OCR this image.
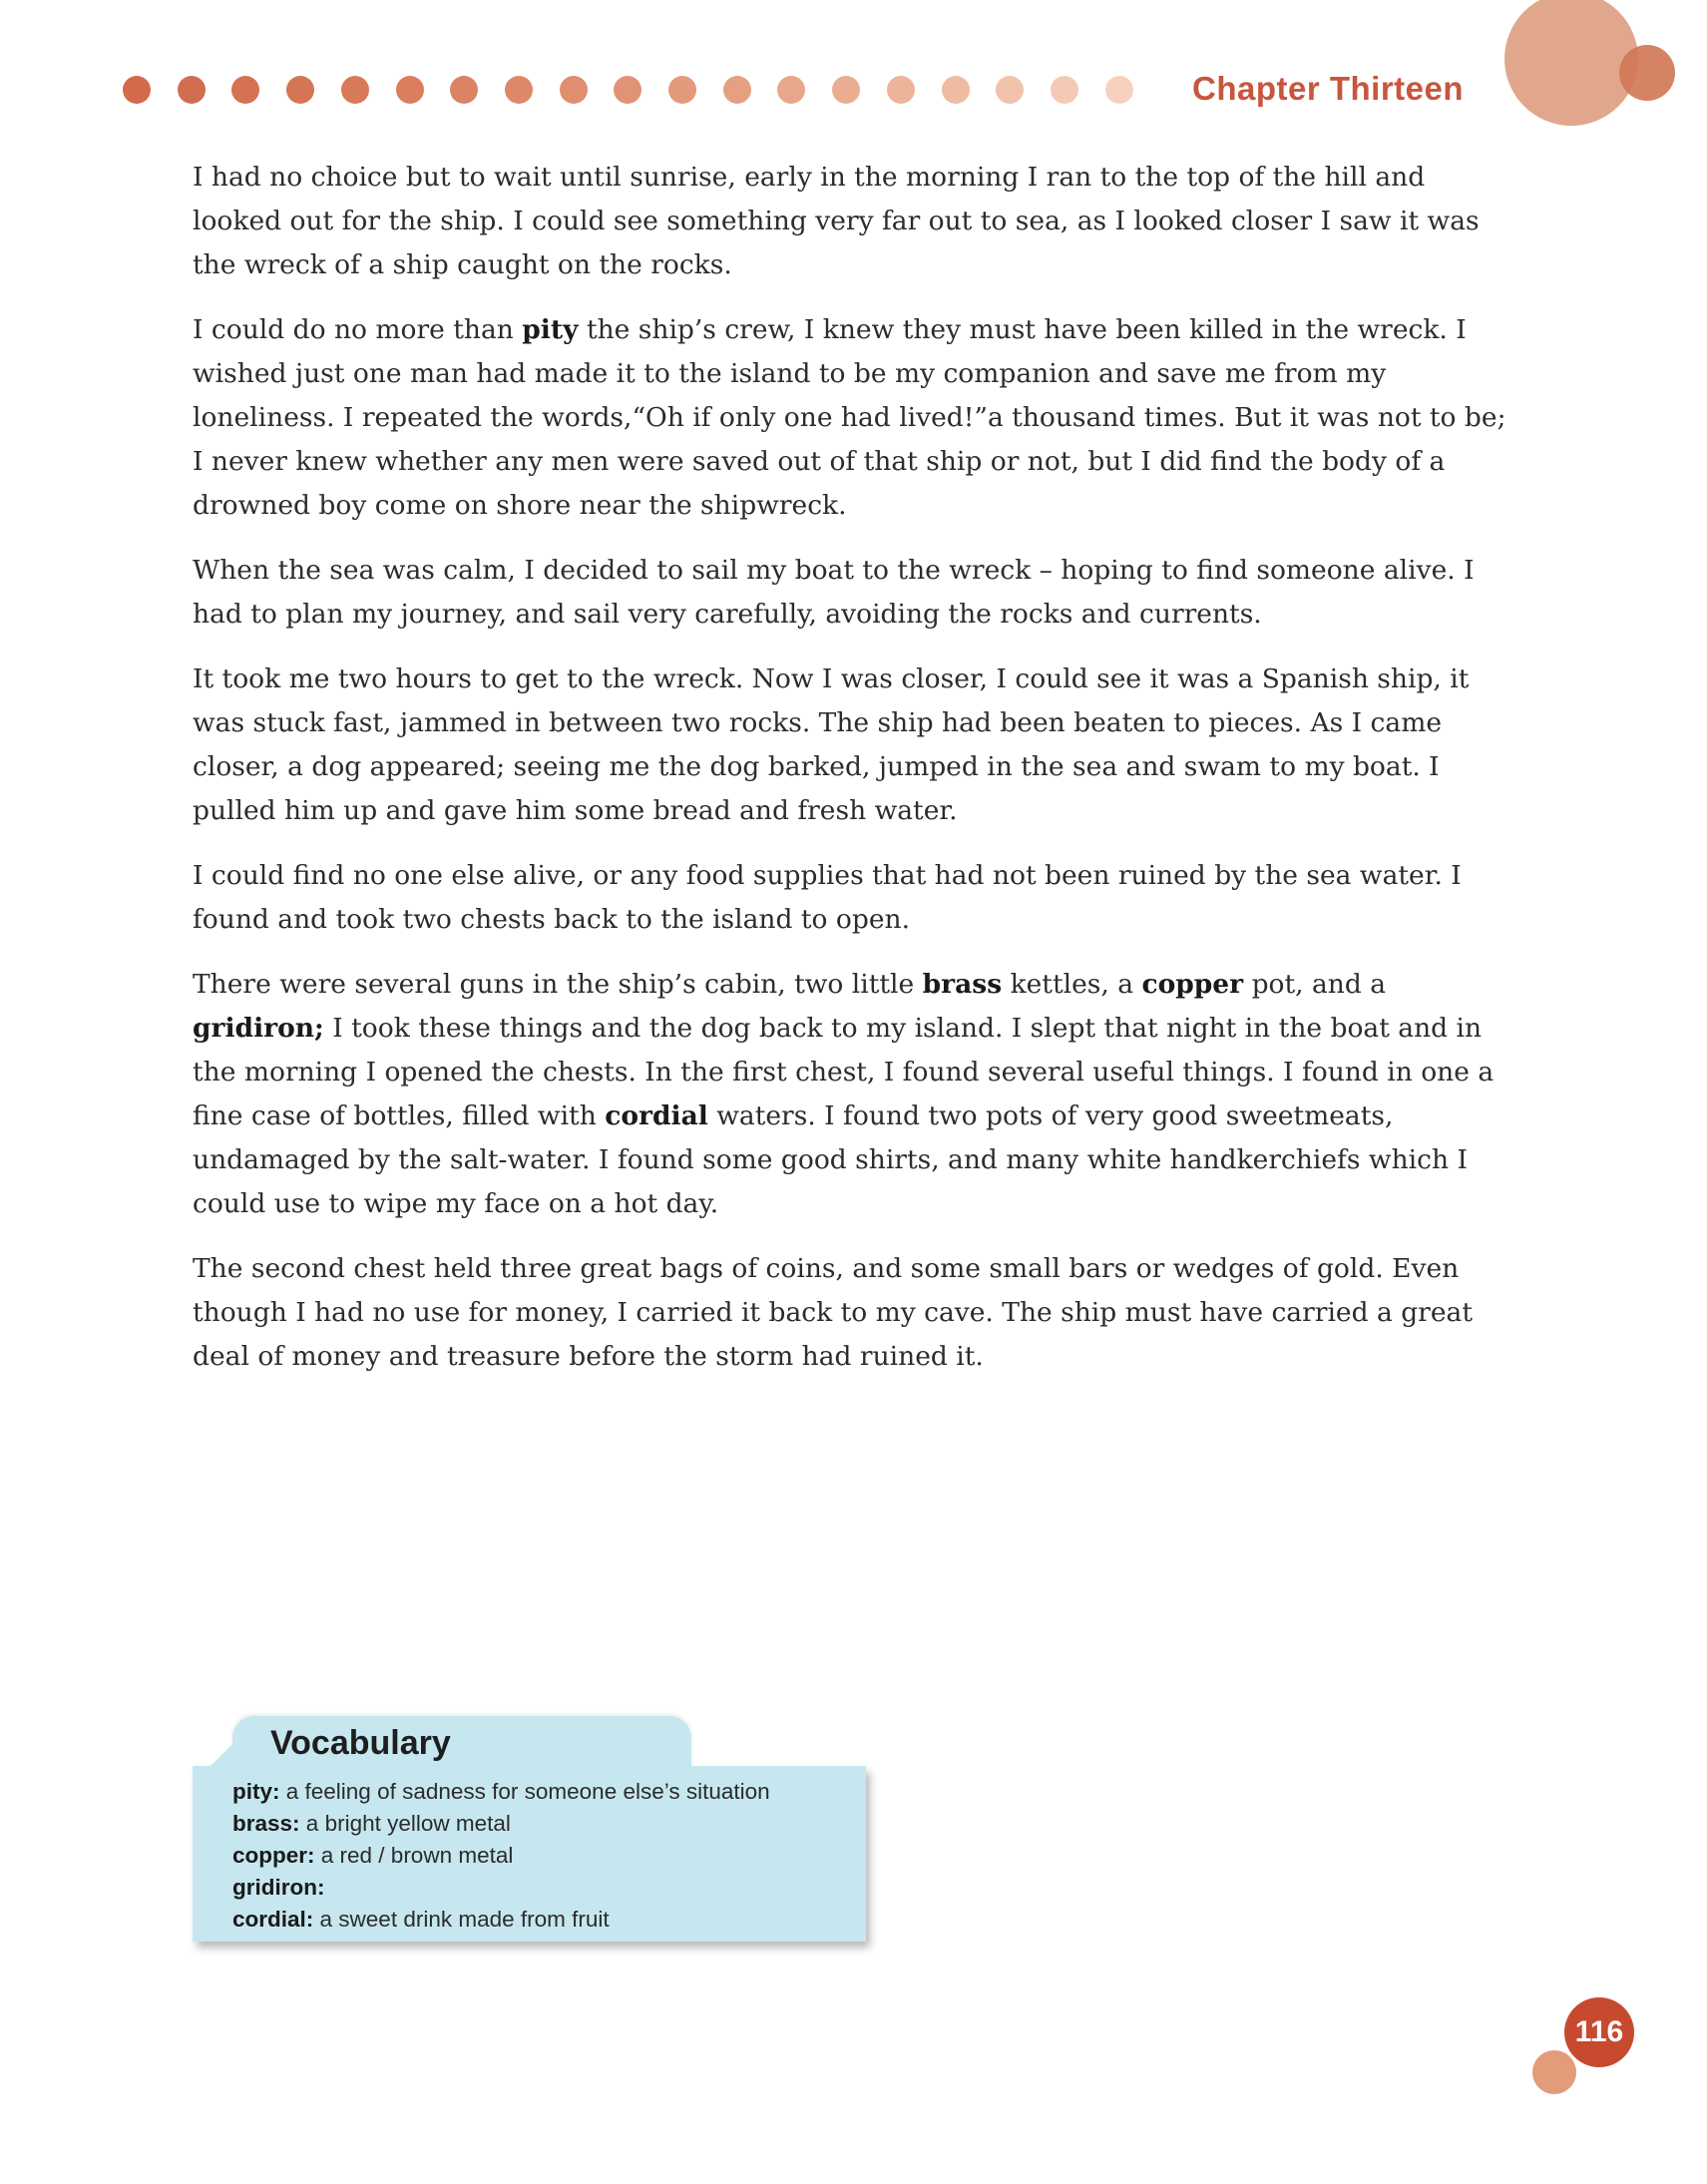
Chapter Thirteen

I had no choice but to wait until sunrise, early in the morning I ran to the top of the hill and looked out for the ship. I could see something very far out to sea, as I looked closer I saw it was the wreck of a ship caught on the rocks.

I could do no more than pity the ship’s crew, I knew they must have been killed in the wreck. I wished just one man had made it to the island to be my companion and save me from my loneliness. I repeated the words,“Oh if only one had lived!”a thousand times. But it was not to be; I never knew whether any men were saved out of that ship or not, but I did find the body of a drowned boy come on shore near the shipwreck.

When the sea was calm, I decided to sail my boat to the wreck – hoping to find someone alive. I had to plan my journey, and sail very carefully, avoiding the rocks and currents.

It took me two hours to get to the wreck. Now I was closer, I could see it was a Spanish ship, it was stuck fast, jammed in between two rocks. The ship had been beaten to pieces. As I came closer, a dog appeared; seeing me the dog barked, jumped in the sea and swam to my boat. I pulled him up and gave him some bread and fresh water.

I could find no one else alive, or any food supplies that had not been ruined by the sea water. I found and took two chests back to the island to open.

There were several guns in the ship’s cabin, two little brass kettles, a copper pot, and a gridiron; I took these things and the dog back to my island. I slept that night in the boat and in the morning I opened the chests. In the first chest, I found several useful things. I found in one a fine case of bottles, filled with cordial waters. I found two pots of very good sweetmeats, undamaged by the salt-water. I found some good shirts, and many white handkerchiefs which I could use to wipe my face on a hot day.

The second chest held three great bags of coins, and some small bars or wedges of gold. Even though I had no use for money, I carried it back to my cave. The ship must have carried a great deal of money and treasure before the storm had ruined it.

pity: a feeling of sadness for someone else’s situation
brass: a bright yellow metal
copper: a red / brown metal
gridiron:
cordial: a sweet drink made from fruit
Vocabulary
116
